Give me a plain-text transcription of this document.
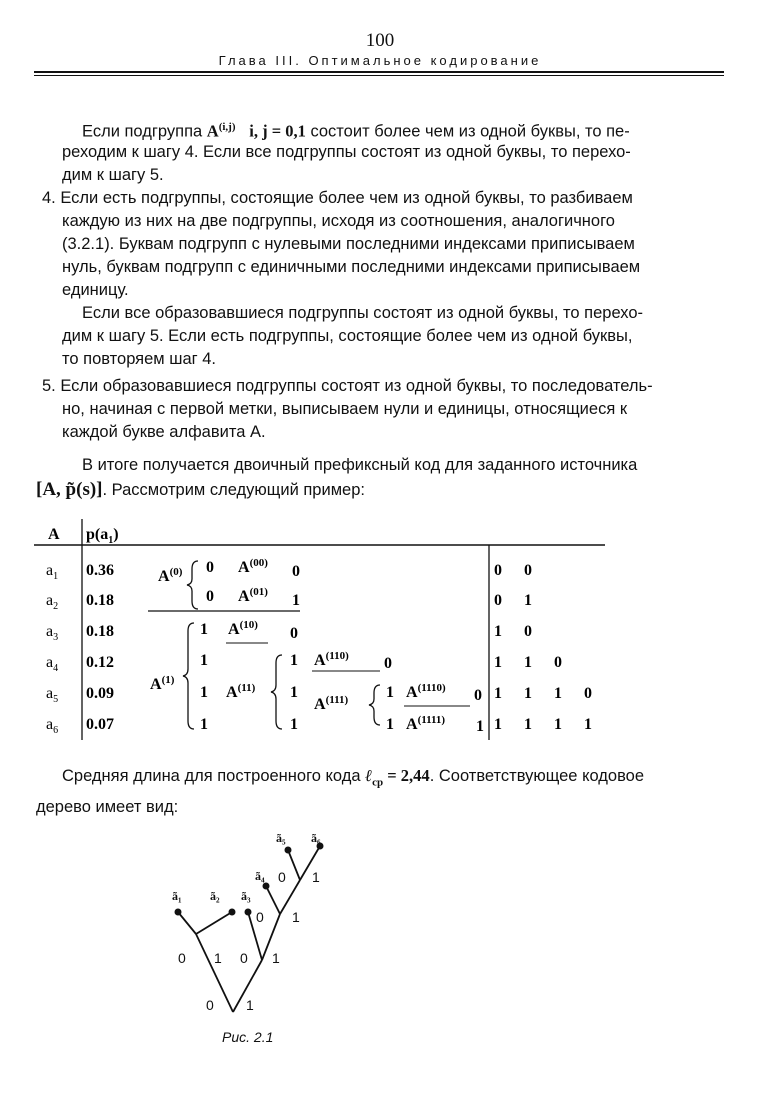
100
Глава III. Оптимальное кодирование
Если подгруппа A$^{(i,j)}$ i, j = 0,1 состоит более чем из одной буквы, то пе-
реходим к шагу 4. Если все подгруппы состоят из одной буквы, то перехо-
дим к шагу 5.
4. Если есть подгруппы, состоящие более чем из одной буквы, то разбиваем
каждую из них на две подгруппы, исходя из соотношения, аналогичного
(3.2.1). Буквам подгрупп с нулевыми последними индексами приписываем
нуль, буквам подгрупп с единичными последними индексами приписываем
единицу.
Если все образовавшиеся подгруппы состоят из одной буквы, то перехо-
дим к шагу 5. Если есть подгруппы, состоящие более чем из одной буквы,
то повторяем шаг 4.
5. Если образовавшиеся подгруппы состоят из одной буквы, то последователь-
но, начиная с первой метки, выписываем нули и единицы, относящиеся к
каждой букве алфавита A.
В итоге получается двоичный префиксный код для заданного источника
[A, p̃(s)]. Рассмотрим следующий пример:
A $p(a_1)$
$A^{(0)}$ 0 $A^{(00)}$ 0
0 $A^{(01)}$ 1
$A^{(1)}$
1 $A^{(10)}$ 0
1	1 $A^{(110)}$ 0
1 $A^{(11)}$ 1
$A^{(111)}$ 1 $A^{(1110)}$ 0
1	1	1 $A^{(1111)}$ 1
$a_1$ 0.36	0 0
$a_2$ 0.18	0 1
$a_3$ 0.18	1 0
$a_4$ 0.12	1 1 0
$a_5$ 0.09	1 1 1 0
$a_6$ 0.07	1 1 1 1
Средняя длина для построенного кода ℓ$_{ср}$ = 2,44. Соответствующее кодовое
дерево имеет вид:
ã₁ ã₂ ã₃
ã₄
ã₅ ã₆
0 1 0 1
0 1
0 1
0 1
Рис. 2.1
